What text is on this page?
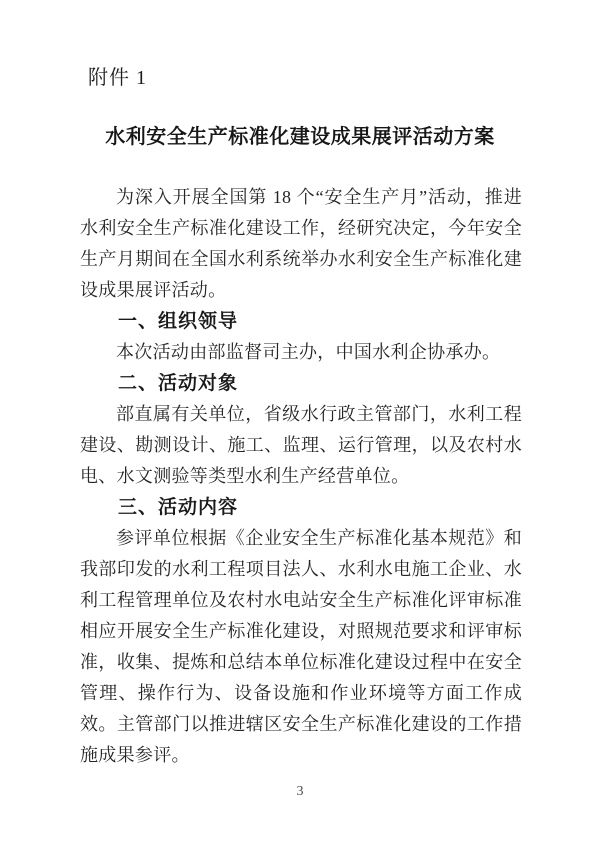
附件 1
水利安全生产标准化建设成果展评活动方案

为深入开展全国第 18 个“安全生产月”活动，推进水利安全生产标准化建设工作，经研究决定，今年安全生产月期间在全国水利系统举办水利安全生产标准化建设成果展评活动。

一、组织领导

本次活动由部监督司主办，中国水利企协承办。

二、活动对象

部直属有关单位，省级水行政主管部门，水利工程建设、勘测设计、施工、监理、运行管理，以及农村水电、水文测验等类型水利生产经营单位。

三、活动内容

参评单位根据《企业安全生产标准化基本规范》和我部印发的水利工程项目法人、水利水电施工企业、水利工程管理单位及农村水电站安全生产标准化评审标准相应开展安全生产标准化建设，对照规范要求和评审标准，收集、提炼和总结本单位标准化建设过程中在安全管理、操作行为、设备设施和作业环境等方面工作成效。主管部门以推进辖区安全生产标准化建设的工作措施成果参评。

3
